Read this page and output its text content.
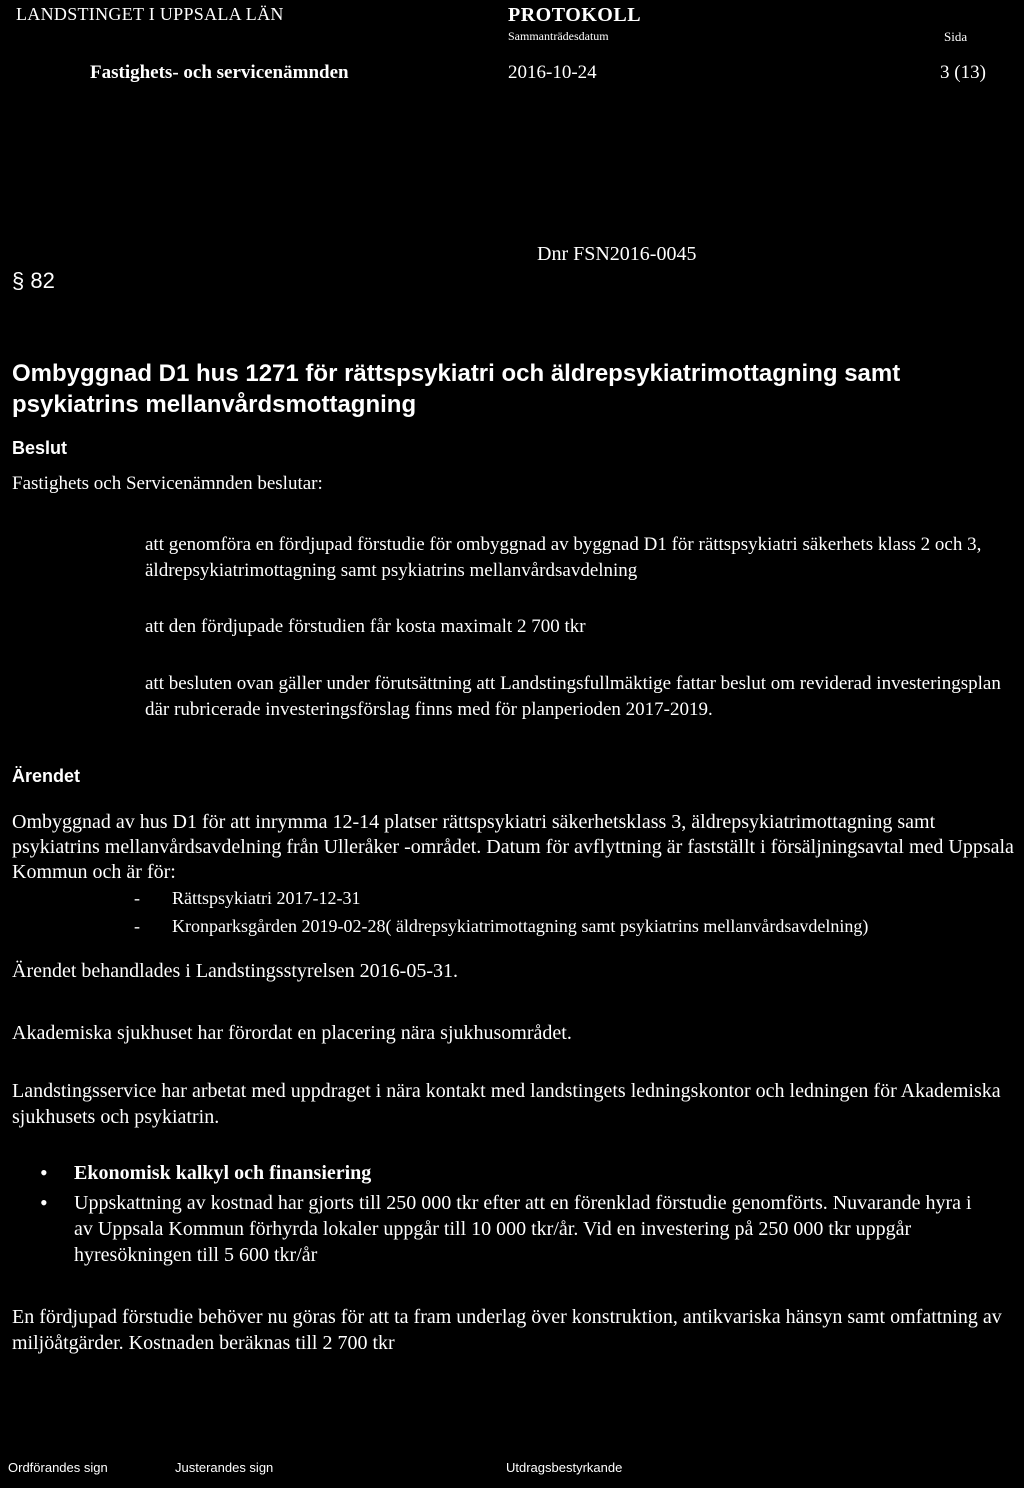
LANDSTINGET I UPPSALA LÄN	PROTOKOLL
Sammanträdesdatum	Sida
Fastighets- och servicenämnden	2016-10-24	3 (13)
Dnr FSN2016-0045
§ 82
Ombyggnad D1 hus 1271 för rättspsykiatri och äldrepsykiatrimottagning samt psykiatrins mellanvårdsmottagning
Beslut
Fastighets och Servicenämnden beslutar:
att genomföra en fördjupad förstudie för ombyggnad av byggnad D1 för rättspsykiatri säkerhets klass 2 och 3, äldrepsykiatrimottagning samt psykiatrins mellanvårdsavdelning
att den fördjupade förstudien får kosta maximalt 2 700 tkr
att besluten ovan gäller under förutsättning att Landstingsfullmäktige fattar beslut om reviderad investeringsplan där rubricerade investeringsförslag finns med för planperioden 2017-2019.
Ärendet
Ombyggnad av hus D1 för att inrymma 12-14 platser rättspsykiatri säkerhetsklass 3, äldrepsykiatrimottagning samt psykiatrins mellanvårdsavdelning från Ulleråker -området. Datum för avflyttning är fastställt i försäljningsavtal med Uppsala Kommun och är för:
- Rättspsykiatri 2017-12-31
- Kronparksgården 2019-02-28( äldrepsykiatrimottagning samt psykiatrins mellanvårdsavdelning)
Ärendet behandlades i Landstingsstyrelsen 2016-05-31.
Akademiska sjukhuset har förordat en placering nära sjukhusområdet.
Landstingsservice har arbetat med uppdraget i nära kontakt med landstingets ledningskontor och ledningen för Akademiska sjukhusets och psykiatrin.
• Ekonomisk kalkyl och finansiering
• Uppskattning av kostnad har gjorts till 250 000 tkr efter att en förenklad förstudie genomförts. Nuvarande hyra i av Uppsala Kommun förhyrda lokaler uppgår till 10 000 tkr/år. Vid en investering på 250 000 tkr uppgår hyresökningen till 5 600 tkr/år
En fördjupad förstudie behöver nu göras för att ta fram underlag över konstruktion, antikvariska hänsyn samt omfattning av miljöåtgärder. Kostnaden beräknas till 2 700 tkr
Ordförandes sign	Justerandes sign	Utdragsbestyrkande
